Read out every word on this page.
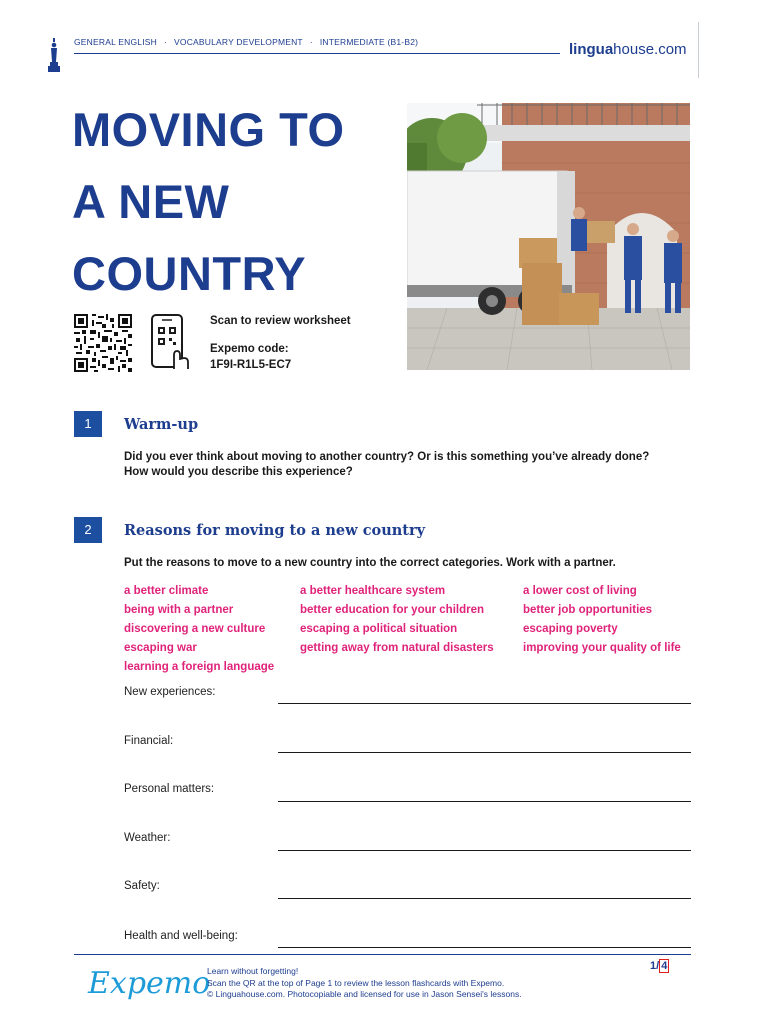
GENERAL ENGLISH · VOCABULARY DEVELOPMENT · INTERMEDIATE (B1-B2)	linguahouse.com
MOVING TO
A NEW
COUNTRY
Scan to review worksheet
Expemo code:
1F9I-R1L5-EC7
1	Warm-up
Did you ever think about moving to another country? Or is this something you’ve already done?
How would you describe this experience?
2	Reasons for moving to a new country
Put the reasons to move to a new country into the correct categories. Work with a partner.
a better climate
being with a partner
discovering a new culture
escaping war
learning a foreign language
a better healthcare system
better education for your children
escaping a political situation
getting away from natural disasters
a lower cost of living
better job opportunities
escaping poverty
improving your quality of life
New experiences:
Financial:
Personal matters:
Weather:
Safety:
Health and well-being:
Expemo
Learn without forgetting!
Scan the QR at the top of Page 1 to review the lesson flashcards with Expemo.
© Linguahouse.com. Photocopiable and licensed for use in Jason Sensei's lessons.
1/ 4
